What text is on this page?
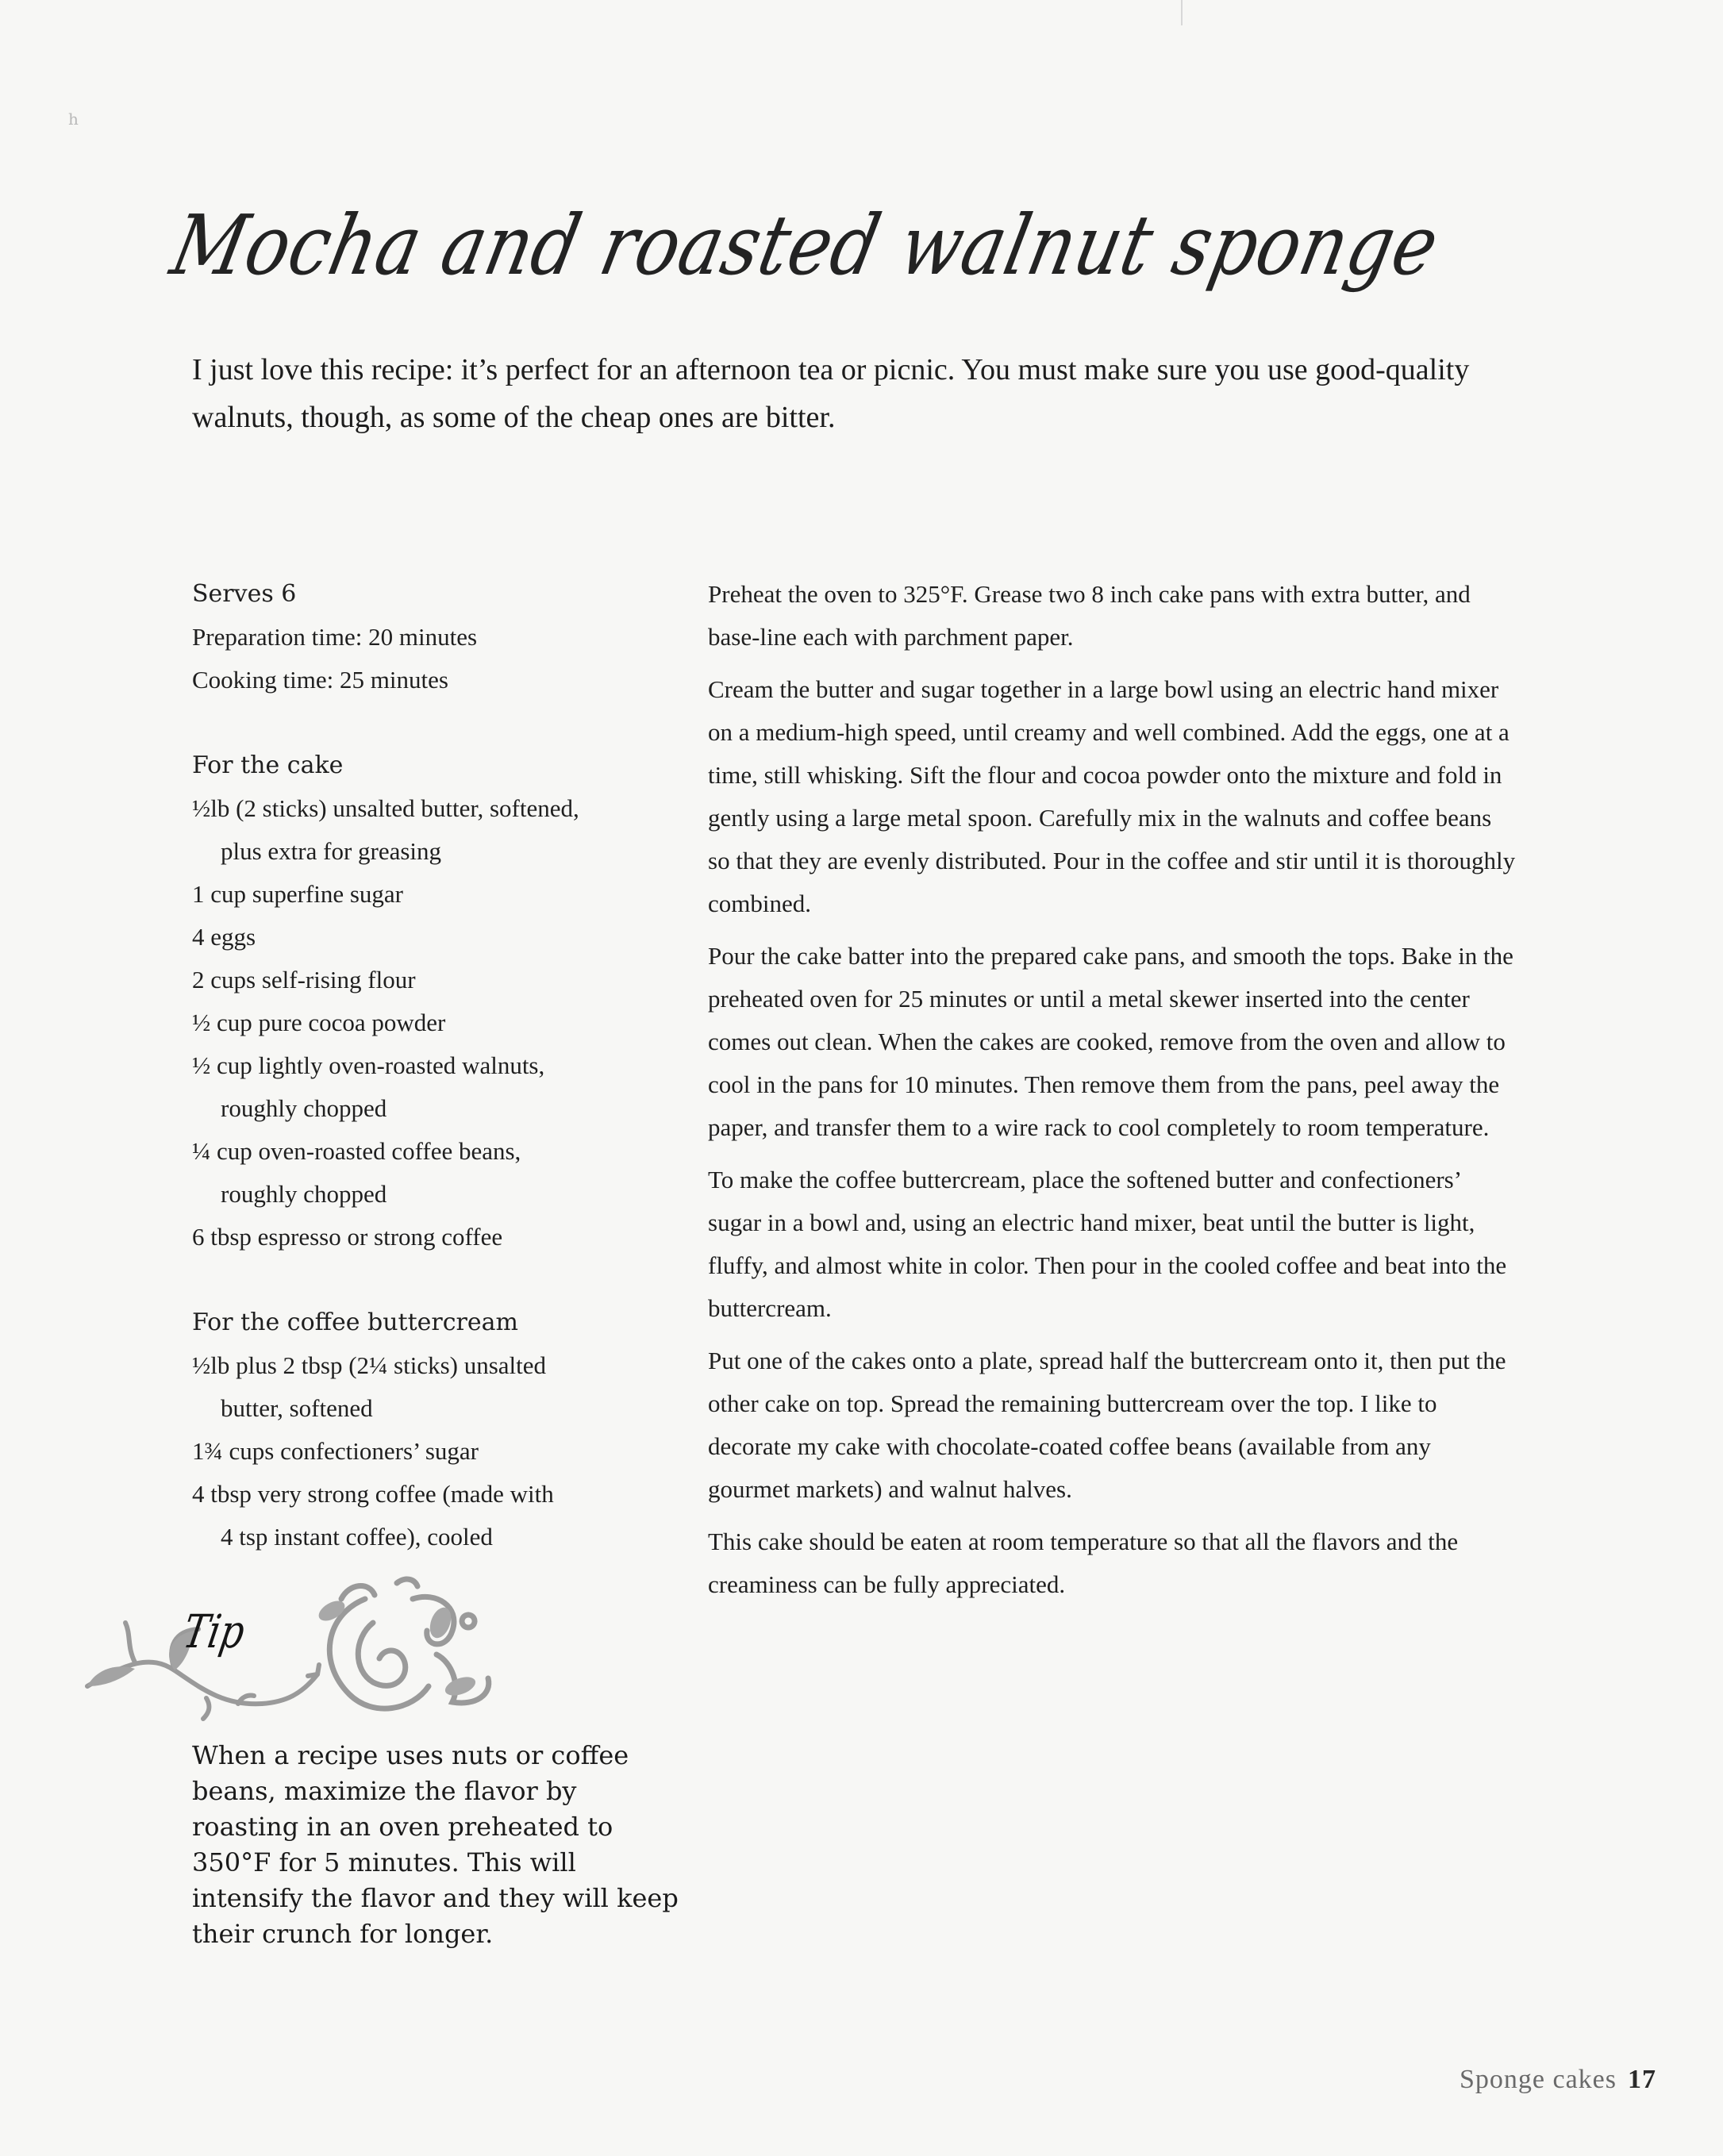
h
Mocha and roasted walnut sponge

I just love this recipe: it’s perfect for an afternoon tea or picnic. You must make sure you use good-quality walnuts, though, as some of the cheap ones are bitter.

Serves 6
Preparation time: 20 minutes
Cooking time: 25 minutes
For the cake
½lb (2 sticks) unsalted butter, softened,
plus extra for greasing
1 cup superfine sugar
4 eggs
2 cups self-rising flour
½ cup pure cocoa powder
½ cup lightly oven-roasted walnuts,
roughly chopped
¼ cup oven-roasted coffee beans,
roughly chopped
6 tbsp espresso or strong coffee
For the coffee buttercream
½lb plus 2 tbsp (2¼ sticks) unsalted
butter, softened
1¾ cups confectioners’ sugar
4 tbsp very strong coffee (made with
4 tsp instant coffee), cooled

Preheat the oven to 325°F. Grease two 8 inch cake pans with extra butter, and base-line each with parchment paper.

Cream the butter and sugar together in a large bowl using an electric hand mixer on a medium-high speed, until creamy and well combined. Add the eggs, one at a time, still whisking. Sift the flour and cocoa powder onto the mixture and fold in gently using a large metal spoon. Carefully mix in the walnuts and coffee beans so that they are evenly distributed. Pour in the coffee and stir until it is thoroughly combined.

Pour the cake batter into the prepared cake pans, and smooth the tops. Bake in the preheated oven for 25 minutes or until a metal skewer inserted into the center comes out clean. When the cakes are cooked, remove from the oven and allow to cool in the pans for 10 minutes. Then remove them from the pans, peel away the paper, and transfer them to a wire rack to cool completely to room temperature.

To make the coffee buttercream, place the softened butter and confectioners’ sugar in a bowl and, using an electric hand mixer, beat until the butter is light, fluffy, and almost white in color. Then pour in the cooled coffee and beat into the buttercream.

Put one of the cakes onto a plate, spread half the buttercream onto it, then put the other cake on top. Spread the remaining buttercream over the top. I like to decorate my cake with chocolate-coated coffee beans (available from any gourmet markets) and walnut halves.

This cake should be eaten at room temperature so that all the flavors and the creaminess can be fully appreciated.

Tip

When a recipe uses nuts or coffee beans, maximize the flavor by roasting in an oven preheated to 350°F for 5 minutes. This will intensify the flavor and they will keep their crunch for longer.

Sponge cakes 17
